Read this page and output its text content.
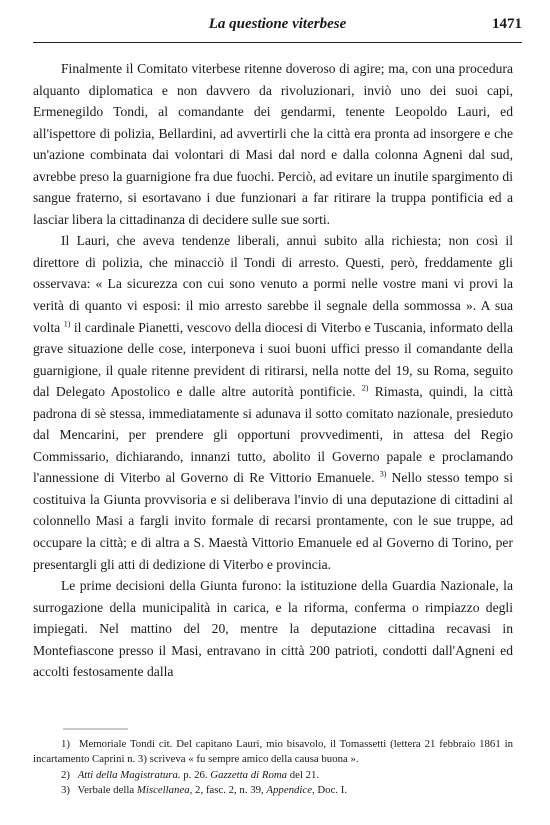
La questione viterbese	1471

Finalmente il Comitato viterbese ritenne doveroso di agire; ma, con una procedura alquanto diplomatica e non davvero da rivoluzionari, inviò uno dei suoi capi, Ermenegildo Tondi, al comandante dei gendarmi, tenente Leopoldo Lauri, ed all'ispettore di polizia, Bellardini, ad avvertirli che la città era pronta ad insorgere e che un'azione combinata dai volontari di Masi dal nord e dalla colonna Agneni dal sud, avrebbe preso la guarnigione fra due fuochi. Perciò, ad evitare un inutile spargimento di sangue fraterno, si esortavano i due funzionari a far ritirare la truppa pontificia ed a lasciar libera la cittadinanza di decidere sulle sue sorti.

Il Lauri, che aveva tendenze liberali, annuì subito alla richiesta; non così il direttore di polizia, che minacciò il Tondi di arresto. Questi, però, freddamente gli osservava: « La sicurezza con cui sono venuto a pormi nelle vostre mani vi provi la verità di quanto vi esposi: il mio arresto sarebbe il segnale della sommossa ». A sua volta $^{1)}$ il cardinale Pianetti, vescovo della diocesi di Viterbo e Tuscania, informato della grave situazione delle cose, interponeva i suoi buoni uffici presso il comandante della guarnigione, il quale ritenne prevident di ritirarsi, nella notte del 19, su Roma, seguito dal Delegato Apostolico e dalle altre autorità pontificie. $^{2)}$ Rimasta, quindi, la città padrona di sè stessa, immediatamente si adunava il sotto comitato nazionale, presieduto dal Mencarini, per prendere gli opportuni provvedimenti, in attesa del Regio Commissario, dichiarando, innanzi tutto, abolito il Governo papale e proclamando l'annessione di Viterbo al Governo di Re Vittorio Emanuele. $^{3)}$ Nello stesso tempo si costituiva la Giunta provvisoria e si deliberava l'invio di una deputazione di cittadini al colonnello Masi a fargli invito formale di recarsi prontamente, con le sue truppe, ad occupare la città; e di altra a S. Maestà Vittorio Emanuele ed al Governo di Torino, per presentargli gli atti di dedizione di Viterbo e provincia.

Le prime decisioni della Giunta furono: la istituzione della Guardia Nazionale, la surrogazione della municipalità in carica, e la riforma, conferma o rimpiazzo degli impiegati. Nel mattino del 20, mentre la deputazione cittadina recavasi in Montefiascone presso il Masi, entravano in città 200 patrioti, condotti dall'Agneni ed accolti festosamente dalla

1) Memoriale Tondi cit. Del capitano Lauri, mio bisavolo, il Tomassetti (lettera 21 febbraio 1861 in incartamento Caprini n. 3) scriveva « fu sempre amico della causa buona ».

2) Atti della Magistratura. p. 26. Gazzetta di Roma del 21.

3) Verbale della Miscellanea, 2, fasc. 2, n. 39, Appendice, Doc. I.
